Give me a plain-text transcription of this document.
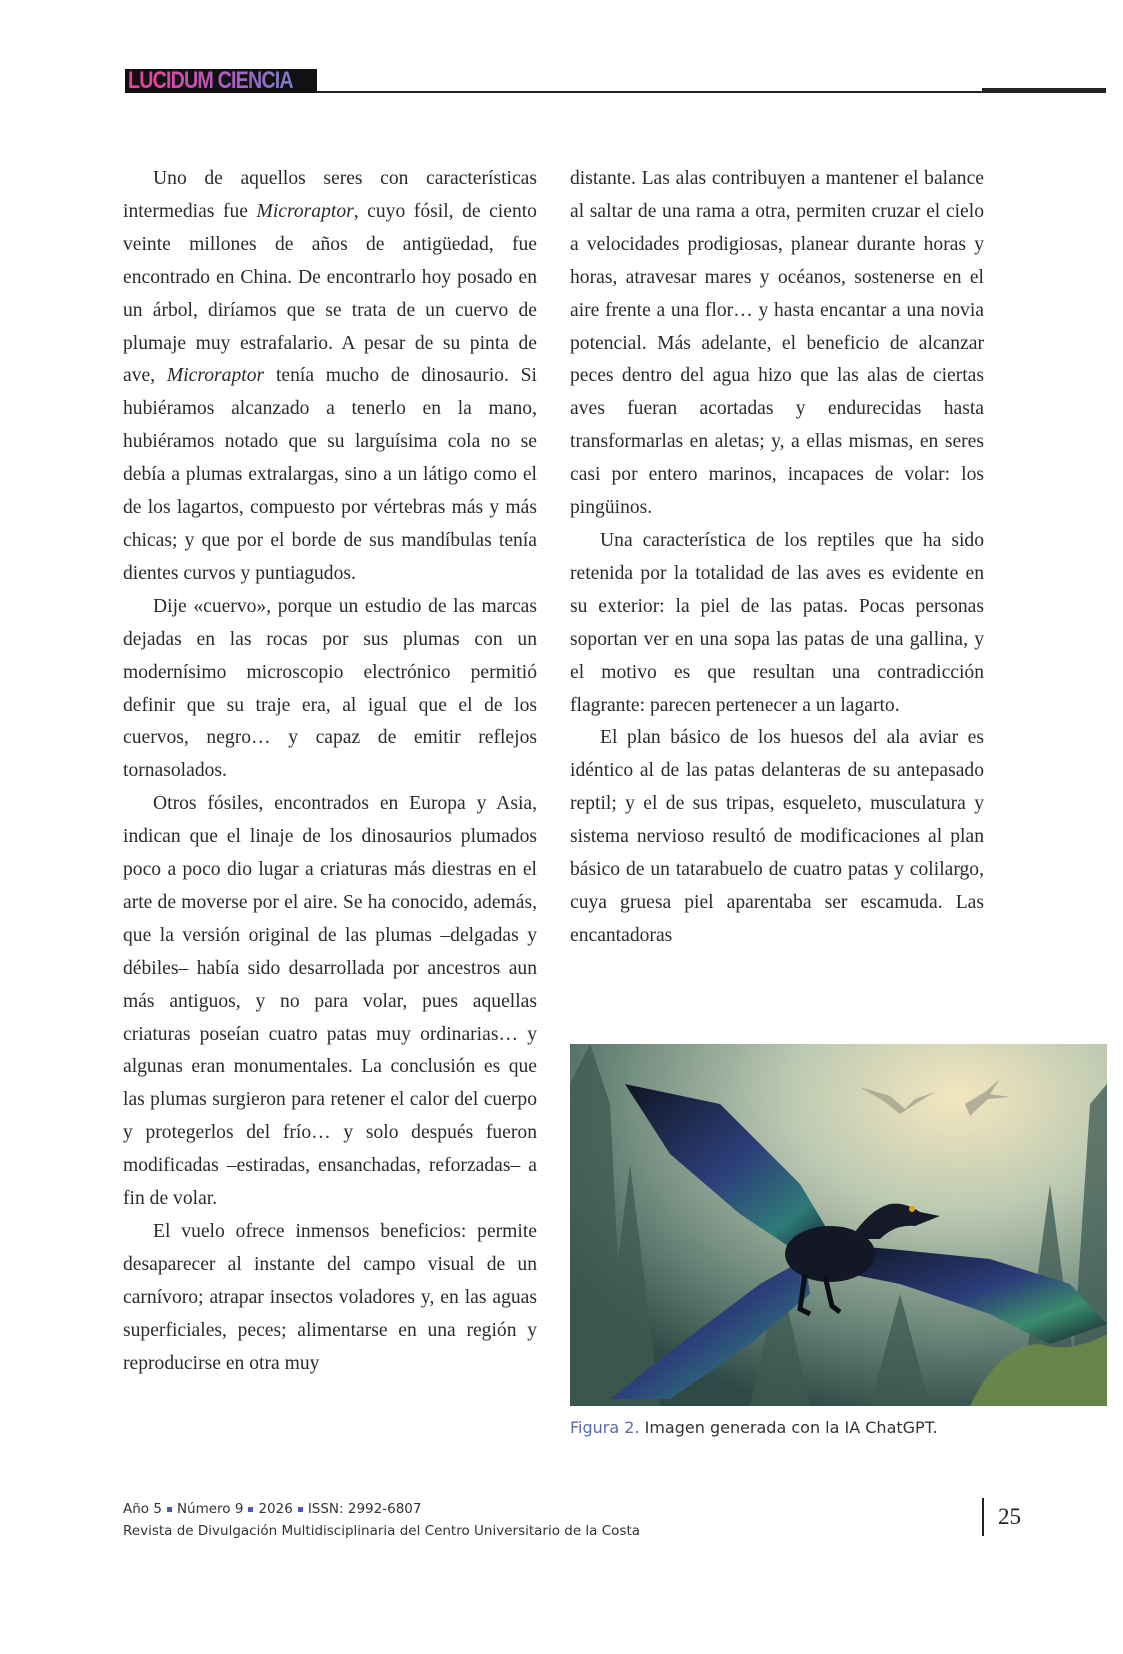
LUCIDUM CIENCIA

Uno de aquellos seres con características intermedias fue Microraptor, cuyo fósil, de ciento veinte millones de años de antigüedad, fue encontrado en China. De encontrarlo hoy posado en un árbol, diríamos que se trata de un cuervo de plumaje muy estrafalario. A pesar de su pinta de ave, Microraptor tenía mucho de dinosaurio. Si hubiéramos alcanzado a tenerlo en la mano, hubiéramos notado que su larguísima cola no se debía a plumas extralargas, sino a un látigo como el de los lagartos, compuesto por vértebras más y más chicas; y que por el borde de sus mandíbulas tenía dientes curvos y puntiagudos.

Dije «cuervo», porque un estudio de las marcas dejadas en las rocas por sus plumas con un modernísimo microscopio electrónico permitió definir que su traje era, al igual que el de los cuervos, negro… y capaz de emitir reflejos tornasolados.

Otros fósiles, encontrados en Europa y Asia, indican que el linaje de los dinosaurios plumados poco a poco dio lugar a criaturas más diestras en el arte de moverse por el aire. Se ha conocido, además, que la versión original de las plumas –delgadas y débiles– había sido desarrollada por ancestros aun más antiguos, y no para volar, pues aquellas criaturas poseían cuatro patas muy ordinarias… y algunas eran monumentales. La conclusión es que las plumas surgieron para retener el calor del cuerpo y protegerlos del frío… y solo después fueron modificadas –estiradas, ensanchadas, reforzadas– a fin de volar.

El vuelo ofrece inmensos beneficios: permite desaparecer al instante del campo visual de un carnívoro; atrapar insectos voladores y, en las aguas superficiales, peces; alimentarse en una región y reproducirse en otra muy

distante. Las alas contribuyen a mantener el balance al saltar de una rama a otra, permiten cruzar el cielo a velocidades prodigiosas, planear durante horas y horas, atravesar mares y océanos, sostenerse en el aire frente a una flor… y hasta encantar a una novia potencial. Más adelante, el beneficio de alcanzar peces dentro del agua hizo que las alas de ciertas aves fueran acortadas y endurecidas hasta transformarlas en aletas; y, a ellas mismas, en seres casi por entero marinos, incapaces de volar: los pingüinos.

Una característica de los reptiles que ha sido retenida por la totalidad de las aves es evidente en su exterior: la piel de las patas. Pocas personas soportan ver en una sopa las patas de una gallina, y el motivo es que resultan una contradicción flagrante: parecen pertenecer a un lagarto.

El plan básico de los huesos del ala aviar es idéntico al de las patas delanteras de su antepasado reptil; y el de sus tripas, esqueleto, musculatura y sistema nervioso resultó de modificaciones al plan básico de un tatarabuelo de cuatro patas y colilargo, cuya gruesa piel aparentaba ser escamuda. Las encantadoras

Figura 2. Imagen generada con la IA ChatGPT.
Año 5 Número 9 2026 ISSN: 2992-6807
Revista de Divulgación Multidisciplinaria del Centro Universitario de la Costa
25
